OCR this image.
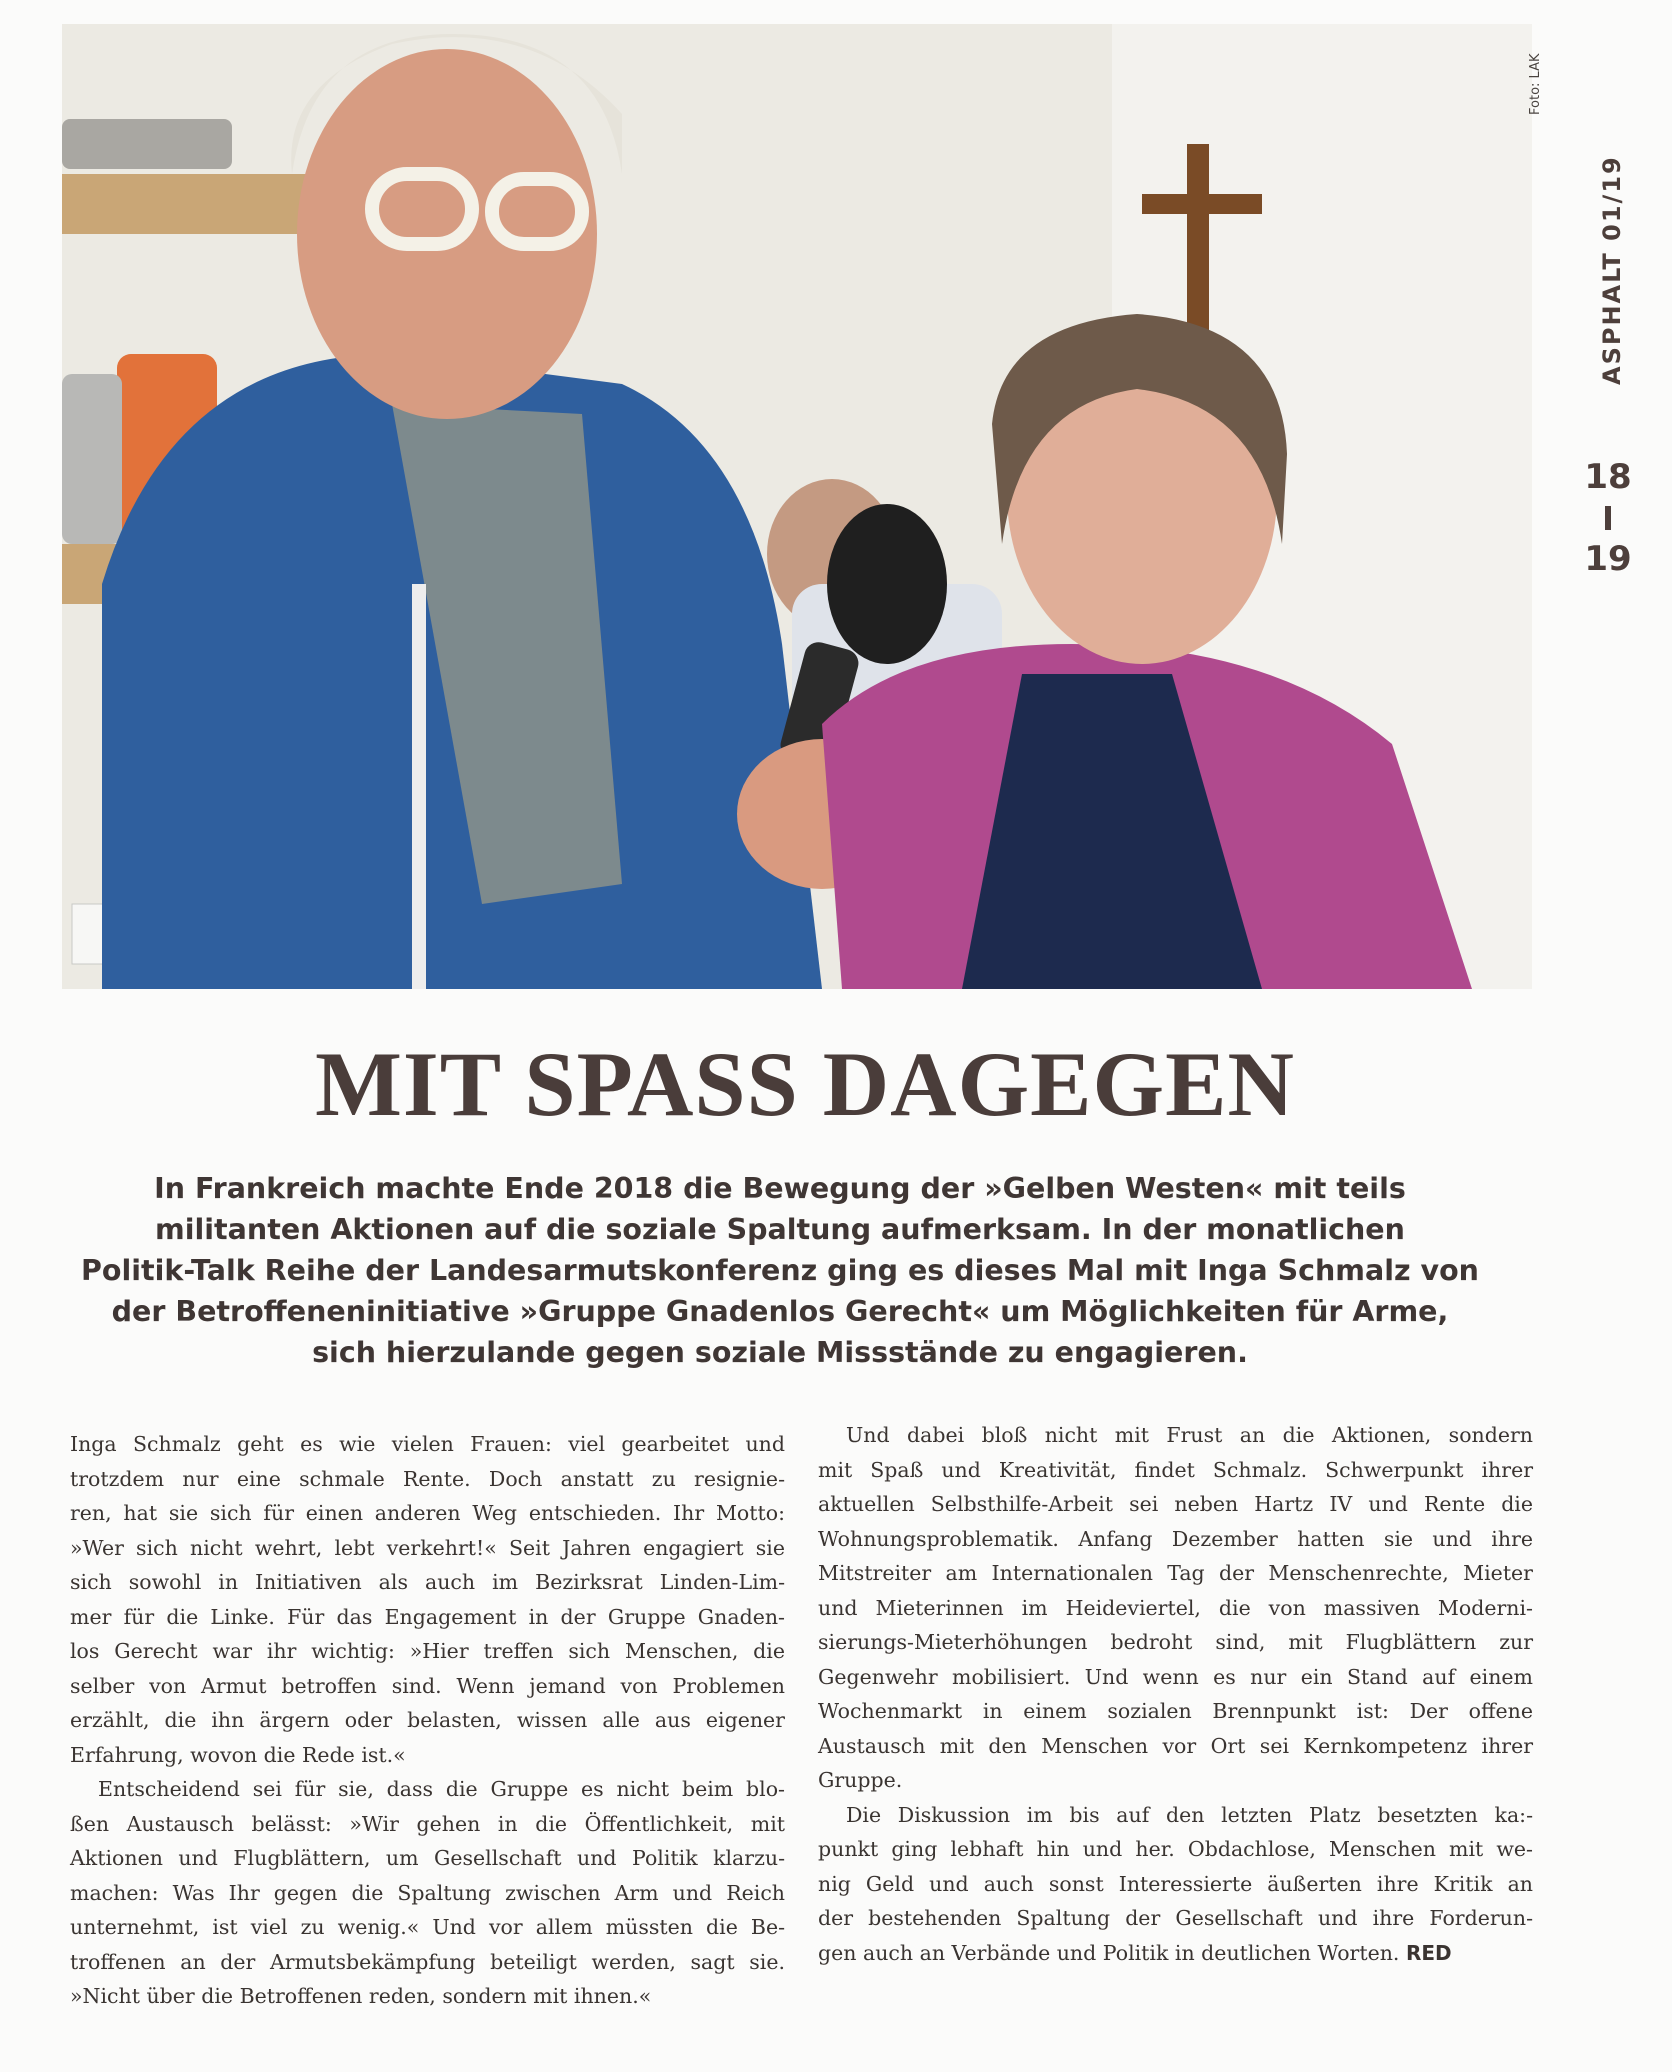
Foto: LAK
ASPHALT 01/19
18
19
MIT SPASS DAGEGEN

In Frankreich machte Ende 2018 die Bewegung der »Gelben Westen« mit teils
militanten Aktionen auf die soziale Spaltung aufmerksam. In der monatlichen
Politik-Talk Reihe der Landesarmutskonferenz ging es dieses Mal mit Inga Schmalz von
der Betroffeneninitiative »Gruppe Gnadenlos Gerecht« um Möglichkeiten für Arme,
sich hierzulande gegen soziale Missstände zu engagieren.

Inga Schmalz geht es wie vielen Frauen: viel gearbeitet und
trotzdem nur eine schmale Rente. Doch anstatt zu resignie-
ren, hat sie sich für einen anderen Weg entschieden. Ihr Motto:
»Wer sich nicht wehrt, lebt verkehrt!« Seit Jahren engagiert sie
sich sowohl in Initiativen als auch im Bezirksrat Linden-Lim-
mer für die Linke. Für das Engagement in der Gruppe Gnaden-
los Gerecht war ihr wichtig: »Hier treffen sich Menschen, die
selber von Armut betroffen sind. Wenn jemand von Problemen
erzählt, die ihn ärgern oder belasten, wissen alle aus eigener
Erfahrung, wovon die Rede ist.«
Entscheidend sei für sie, dass die Gruppe es nicht beim blo-
ßen Austausch belässt: »Wir gehen in die Öffentlichkeit, mit
Aktionen und Flugblättern, um Gesellschaft und Politik klarzu-
machen: Was Ihr gegen die Spaltung zwischen Arm und Reich
unternehmt, ist viel zu wenig.« Und vor allem müssten die Be-
troffenen an der Armutsbekämpfung beteiligt werden, sagt sie.
»Nicht über die Betroffenen reden, sondern mit ihnen.«
Und dabei bloß nicht mit Frust an die Aktionen, sondern
mit Spaß und Kreativität, findet Schmalz. Schwerpunkt ihrer
aktuellen Selbsthilfe-Arbeit sei neben Hartz IV und Rente die
Wohnungsproblematik. Anfang Dezember hatten sie und ihre
Mitstreiter am Internationalen Tag der Menschenrechte, Mieter
und Mieterinnen im Heideviertel, die von massiven Moderni-
sierungs-Mieterhöhungen bedroht sind, mit Flugblättern zur
Gegenwehr mobilisiert. Und wenn es nur ein Stand auf einem
Wochenmarkt in einem sozialen Brennpunkt ist: Der offene
Austausch mit den Menschen vor Ort sei Kernkompetenz ihrer
Gruppe.
Die Diskussion im bis auf den letzten Platz besetzten ka:-
punkt ging lebhaft hin und her. Obdachlose, Menschen mit we-
nig Geld und auch sonst Interessierte äußerten ihre Kritik an
der bestehenden Spaltung der Gesellschaft und ihre Forderun-
gen auch an Verbände und Politik in deutlichen Worten. RED
